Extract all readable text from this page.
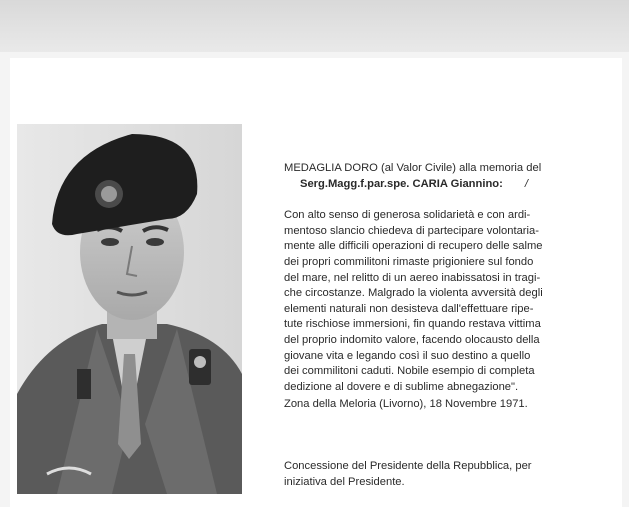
MEDAGLIA DORO (al Valor Civile) alla memoria del

Serg.Magg.f.par.spe. CARIA Giannino: /

Con alto senso di generosa solidarietà e con ardi-

mentoso slancio chiedeva di partecipare volontaria-

mente alle difficili operazioni di recupero delle salme

dei propri commilitoni rimaste prigioniere sul fondo

del mare, nel relitto di un aereo inabissatosi in tragi-

che circostanze. Malgrado la violenta avversità degli

elementi naturali non desisteva dall'effettuare ripe-

tute rischiose immersioni, fin quando restava vittima

del proprio indomito valore, facendo olocausto della

giovane vita e legando così il suo destino a quello

dei commilitoni caduti. Nobile esempio di completa

dedizione al dovere e di sublime abnegazione".

Zona della Meloria (Livorno), 18 Novembre 1971.

Concessione del Presidente della Repubblica, per
iniziativa del Presidente.
